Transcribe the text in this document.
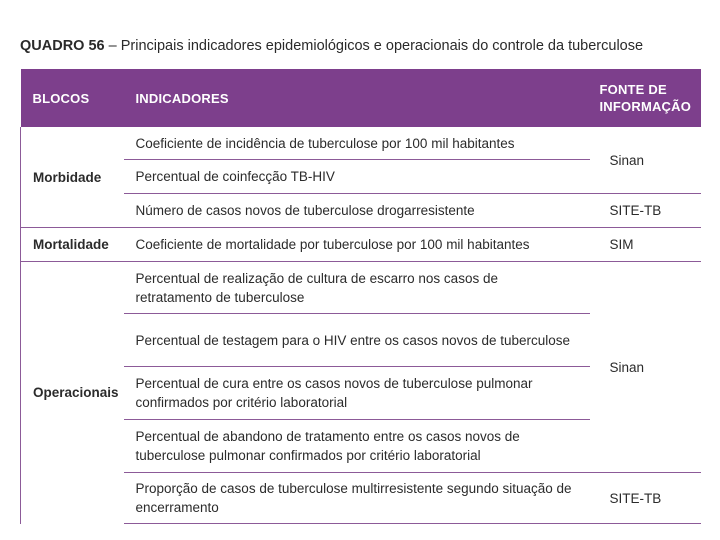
QUADRO 56 – Principais indicadores epidemiológicos e operacionais do controle da tuberculose
BLOCOS	INDICADORES	FONTE DE
INFORMAÇÃO
Morbidade	Coeficiente de incidência de tuberculose por 100 mil habitantes	Sinan
	Percentual de coinfecção TB-HIV	
	Número de casos novos de tuberculose drogarresistente	SITE-TB
Mortalidade	Coeficiente de mortalidade por tuberculose por 100 mil habitantes	SIM
Operacionais	Percentual de realização de cultura de escarro nos casos de retratamento de tuberculose	Sinan
	Percentual de testagem para o HIV entre os casos novos de tuberculose	
	Percentual de cura entre os casos novos de tuberculose pulmonar confirmados por critério laboratorial	
	Percentual de abandono de tratamento entre os casos novos de tuberculose pulmonar confirmados por critério laboratorial	
	Proporção de casos de tuberculose multirresistente segundo situação de encerramento	SITE-TB
